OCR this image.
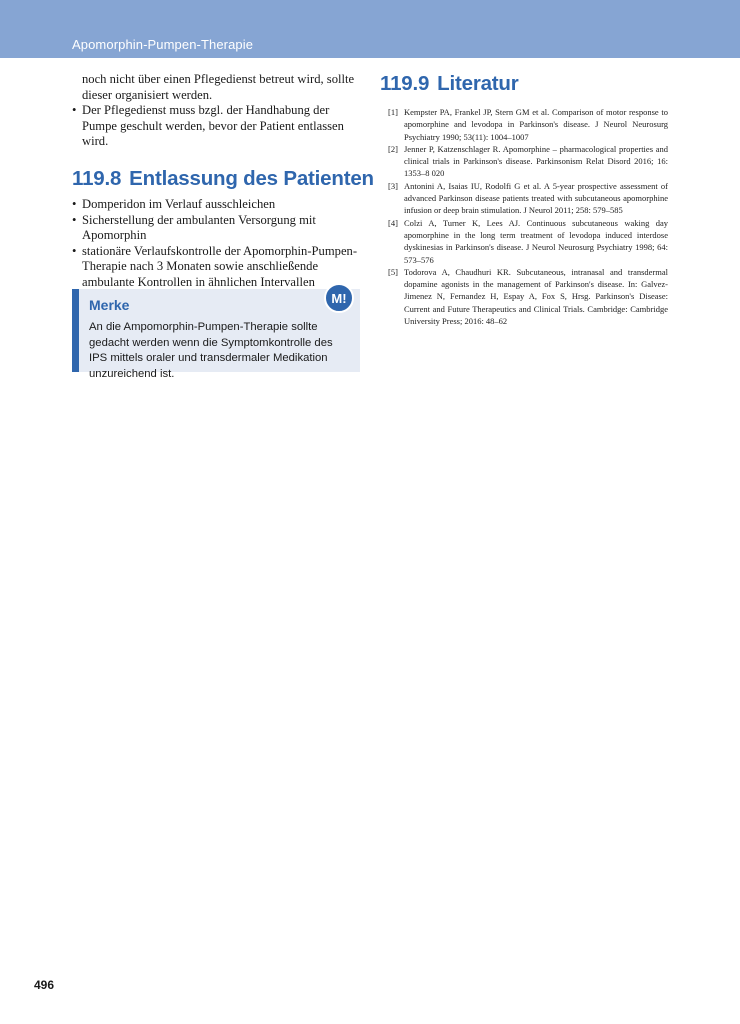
Apomorphin-Pumpen-Therapie

noch nicht über einen Pflegedienst betreut wird, sollte dieser organisiert werden.

• Der Pflegedienst muss bzgl. der Handhabung der Pumpe geschult werden, bevor der Patient entlassen wird.
119.8 Entlassung des Patienten
• Domperidon im Verlauf ausschleichen
• Sicherstellung der ambulanten Versorgung mit Apomorphin
• stationäre Verlaufskontrolle der Apomorphin-Pumpen-Therapie nach 3 Monaten sowie anschließende ambulante Kontrollen in ähnlichen Intervallen
Merke
An die Ampomorphin-Pumpen-Therapie sollte gedacht werden wenn die Symptomkontrolle des IPS mittels oraler und transdermaler Medikation unzureichend ist.
M!
119.9 Literatur
[1] Kempster PA, Frankel JP, Stern GM et al. Comparison of motor response to apomorphine and levodopa in Parkinson's disease. J Neurol Neurosurg Psychiatry 1990; 53(11): 1004–1007
[2] Jenner P, Katzenschlager R. Apomorphine – pharmacological properties and clinical trials in Parkinson's disease. Parkinsonism Relat Disord 2016; 16: 1353–8 020
[3] Antonini A, Isaias IU, Rodolfi G et al. A 5-year prospective assessment of advanced Parkinson disease patients treated with subcutaneous apomorphine infusion or deep brain stimulation. J Neurol 2011; 258: 579–585
[4] Colzi A, Turner K, Lees AJ. Continuous subcutaneous waking day apomorphine in the long term treatment of levodopa induced interdose dyskinesias in Parkinson's disease. J Neurol Neurosurg Psychiatry 1998; 64: 573–576
[5] Todorova A, Chaudhuri KR. Subcutaneous, intranasal and transdermal dopamine agonists in the management of Parkinson's disease. In: Galvez-Jimenez N, Fernandez H, Espay A, Fox S, Hrsg. Parkinson's Disease: Current and Future Therapeutics and Clinical Trials. Cambridge: Cambridge University Press; 2016: 48–62
496
